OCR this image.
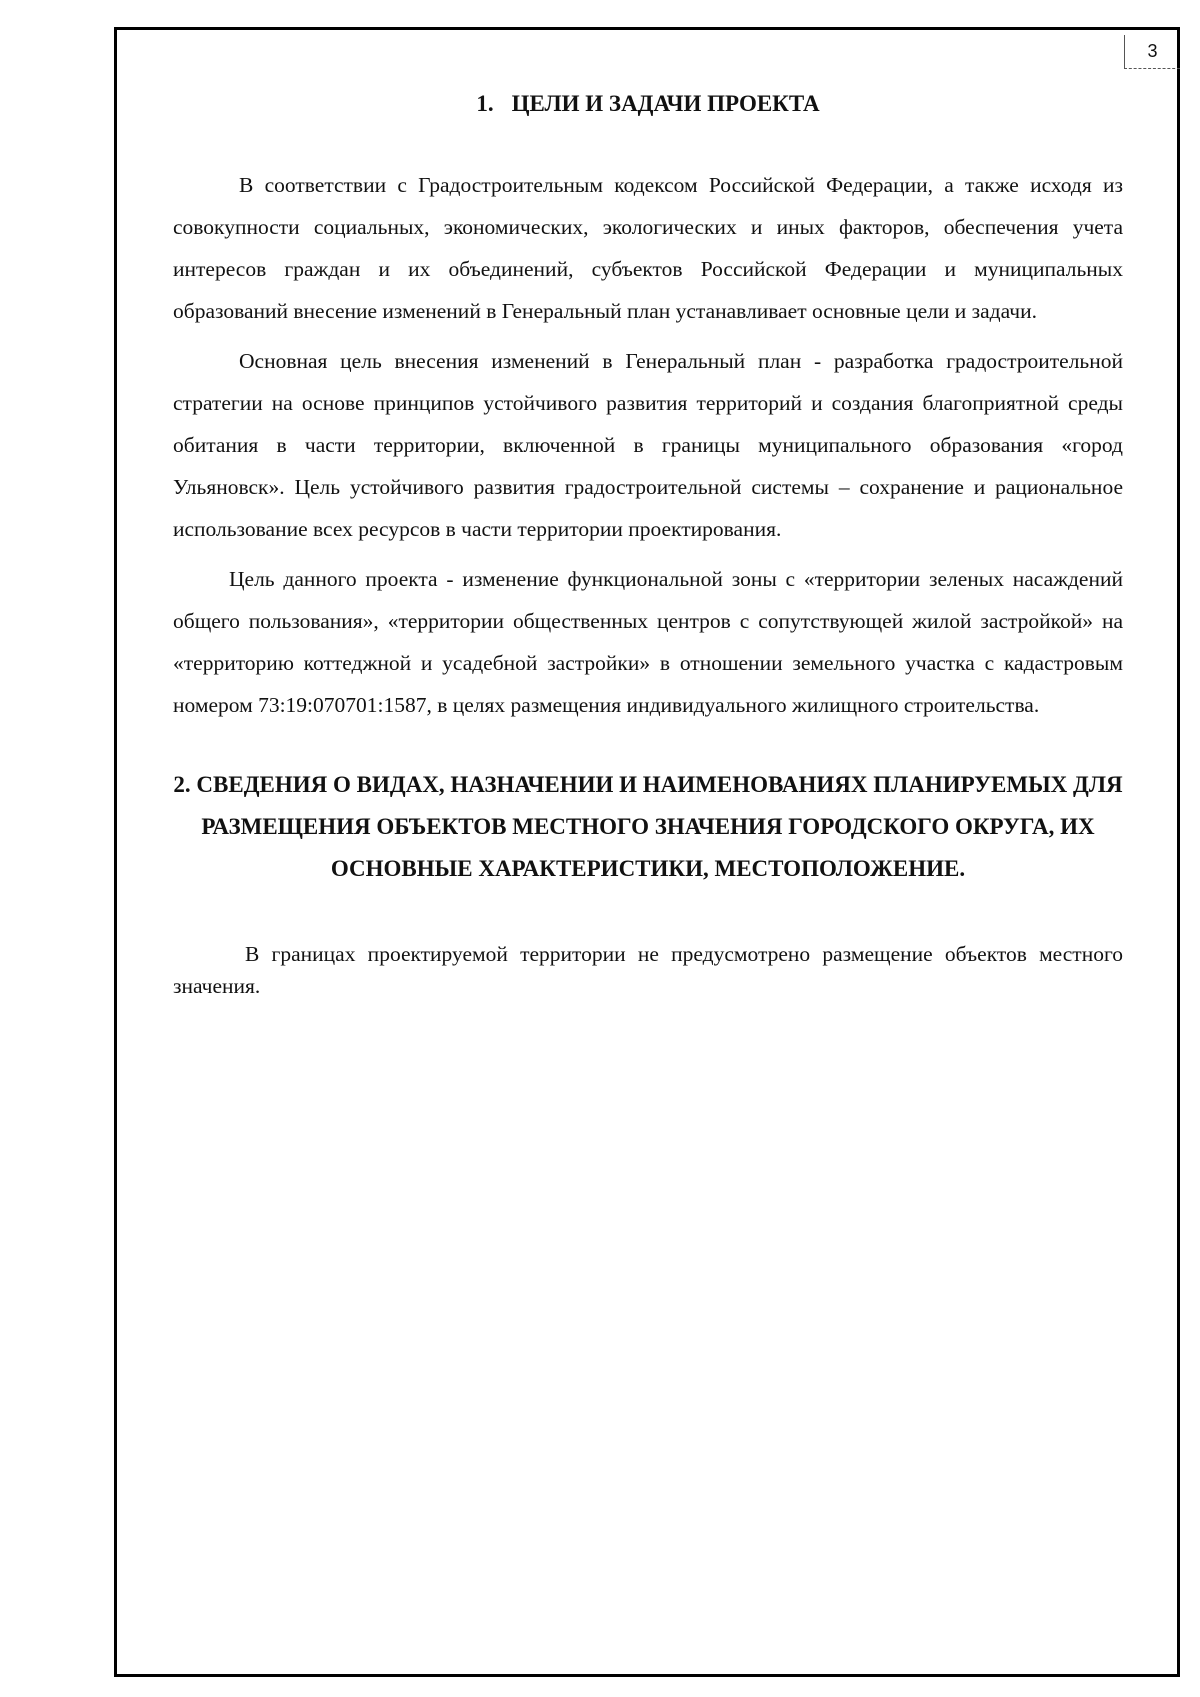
3
1. ЦЕЛИ И ЗАДАЧИ ПРОЕКТА

В соответствии с Градостроительным кодексом Российской Федерации, а также исходя из совокупности социальных, экономических, экологических и иных факторов, обеспечения учета интересов граждан и их объединений, субъектов Российской Федерации и муниципальных образований внесение изменений в Генеральный план устанавливает основные цели и задачи.

Основная цель внесения изменений в Генеральный план - разработка градостроительной стратегии на основе принципов устойчивого развития территорий и создания благоприятной среды обитания в части территории, включенной в границы муниципального образования «город Ульяновск». Цель устойчивого развития градостроительной системы – сохранение и рациональное использование всех ресурсов в части территории проектирования.

Цель данного проекта - изменение функциональной зоны с «территории зеленых насаждений общего пользования», «территории общественных центров с сопутствующей жилой застройкой» на «территорию коттеджной и усадебной застройки» в отношении земельного участка с кадастровым номером 73:19:070701:1587, в целях размещения индивидуального жилищного строительства.

2. СВЕДЕНИЯ О ВИДАХ, НАЗНАЧЕНИИ И НАИМЕНОВАНИЯХ ПЛАНИРУЕМЫХ ДЛЯ РАЗМЕЩЕНИЯ ОБЪЕКТОВ МЕСТНОГО ЗНАЧЕНИЯ ГОРОДСКОГО ОКРУГА, ИХ ОСНОВНЫЕ ХАРАКТЕРИСТИКИ, МЕСТОПОЛОЖЕНИЕ.

В границах проектируемой территории не предусмотрено размещение объектов местного значения.
